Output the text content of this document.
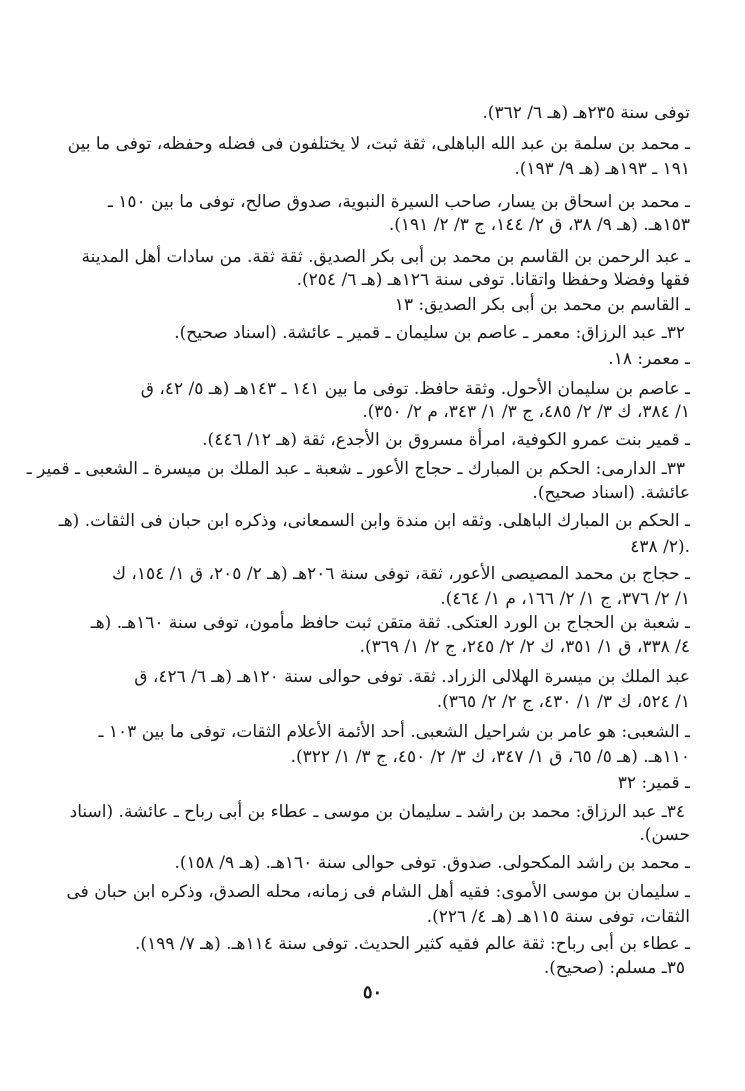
توفى سنة ٢٣٥هـ (هـ ٦/ ٣٦٢).
ـ محمد بن سلمة بن عبد الله الباهلى، ثقة ثبت، لا يختلفون فى فضله وحفظه، توفى ما بين
١٩١ ـ ١٩٣هـ (هـ ٩/ ١٩٣).
ـ محمد بن اسحاق بن يسار، صاحب السيرة النبوية، صدوق صالح، توفى ما بين ١٥٠ ـ
١٥٣هـ. (هـ ٩/ ٣٨، ق ٢/ ١٤٤، ج ٣/ ٢/ ١٩١).
ـ عبد الرحمن بن القاسم بن محمد بن أبى بكر الصديق. ثقة ثقة. من سادات أهل المدينة
فقها وفضلا وحفظا واتقانا. توفى سنة ١٢٦هـ (هـ ٦/ ٢٥٤).
ـ القاسم بن محمد بن أبى بكر الصديق: ١٣
٣٢ـ عبد الرزاق: معمر ـ عاصم بن سليمان ـ قمير ـ عائشة. (اسناد صحيح).
ـ معمر: ١٨.
ـ عاصم بن سليمان الأحول. وثقة حافظ. توفى ما بين ١٤١ ـ ١٤٣هـ (هـ ٥/ ٤٢، ق
١/ ٣٨٤، ك ٣/ ٢/ ٤٨٥، ج ٣/ ١/ ٣٤٣، م ٢/ ٣٥٠).
ـ قمير بنت عمرو الكوفية، امرأة مسروق بن الأجدع، ثقة (هـ ١٢/ ٤٤٦).
٣٣ـ الدارمى: الحكم بن المبارك ـ حجاج الأعور ـ شعبة ـ عبد الملك بن ميسرة ـ الشعبى ـ قمير ـ
عائشة. (اسناد صحيح).
ـ الحكم بن المبارك الباهلى. وثقه ابن مندة وابن السمعانى، وذكره ابن حبان فى الثقات. (هـ
٢/ ٤٣٨).
ـ حجاج بن محمد المصيصى الأعور، ثقة، توفى سنة ٢٠٦هـ (هـ ٢/ ٢٠٥، ق ١/ ١٥٤، ك
١/ ٢/ ٣٧٦، ج ١/ ٢/ ١٦٦، م ١/ ٤٦٤).
ـ شعبة بن الحجاج بن الورد العتكى. ثقة متقن ثبت حافظ مأمون، توفى سنة ١٦٠هـ. (هـ
٤/ ٣٣٨، ق ١/ ٣٥١، ك ٢/ ٢/ ٢٤٥، ج ٢/ ١/ ٣٦٩).
عبد الملك بن ميسرة الهلالى الزراد. ثقة. توفى حوالى سنة ١٢٠هـ (هـ ٦/ ٤٢٦، ق
١/ ٥٢٤، ك ٣/ ١/ ٤٣٠، ج ٢/ ٢/ ٣٦٥).
ـ الشعبى: هو عامر بن شراحيل الشعبى. أحد الأئمة الأعلام الثقات، توفى ما بين ١٠٣ ـ
١١٠هـ. (هـ ٥/ ٦٥، ق ١/ ٣٤٧، ك ٣/ ٢/ ٤٥٠، ج ٣/ ١/ ٣٢٢).
ـ قمير: ٣٢
٣٤ـ عبد الرزاق: محمد بن راشد ـ سليمان بن موسى ـ عطاء بن أبى رباح ـ عائشة. (اسناد
حسن).
ـ محمد بن راشد المكحولى. صدوق. توفى حوالى سنة ١٦٠هـ. (هـ ٩/ ١٥٨).
ـ سليمان بن موسى الأموى: فقيه أهل الشام فى زمانه، محله الصدق، وذكره ابن حبان فى
الثقات، توفى سنة ١١٥هـ (هـ ٤/ ٢٢٦).
ـ عطاء بن أبى رباح: ثقة عالم فقيه كثير الحديث. توفى سنة ١١٤هـ. (هـ ٧/ ١٩٩).
٣٥ـ مسلم: (صحيح).
٥٠
